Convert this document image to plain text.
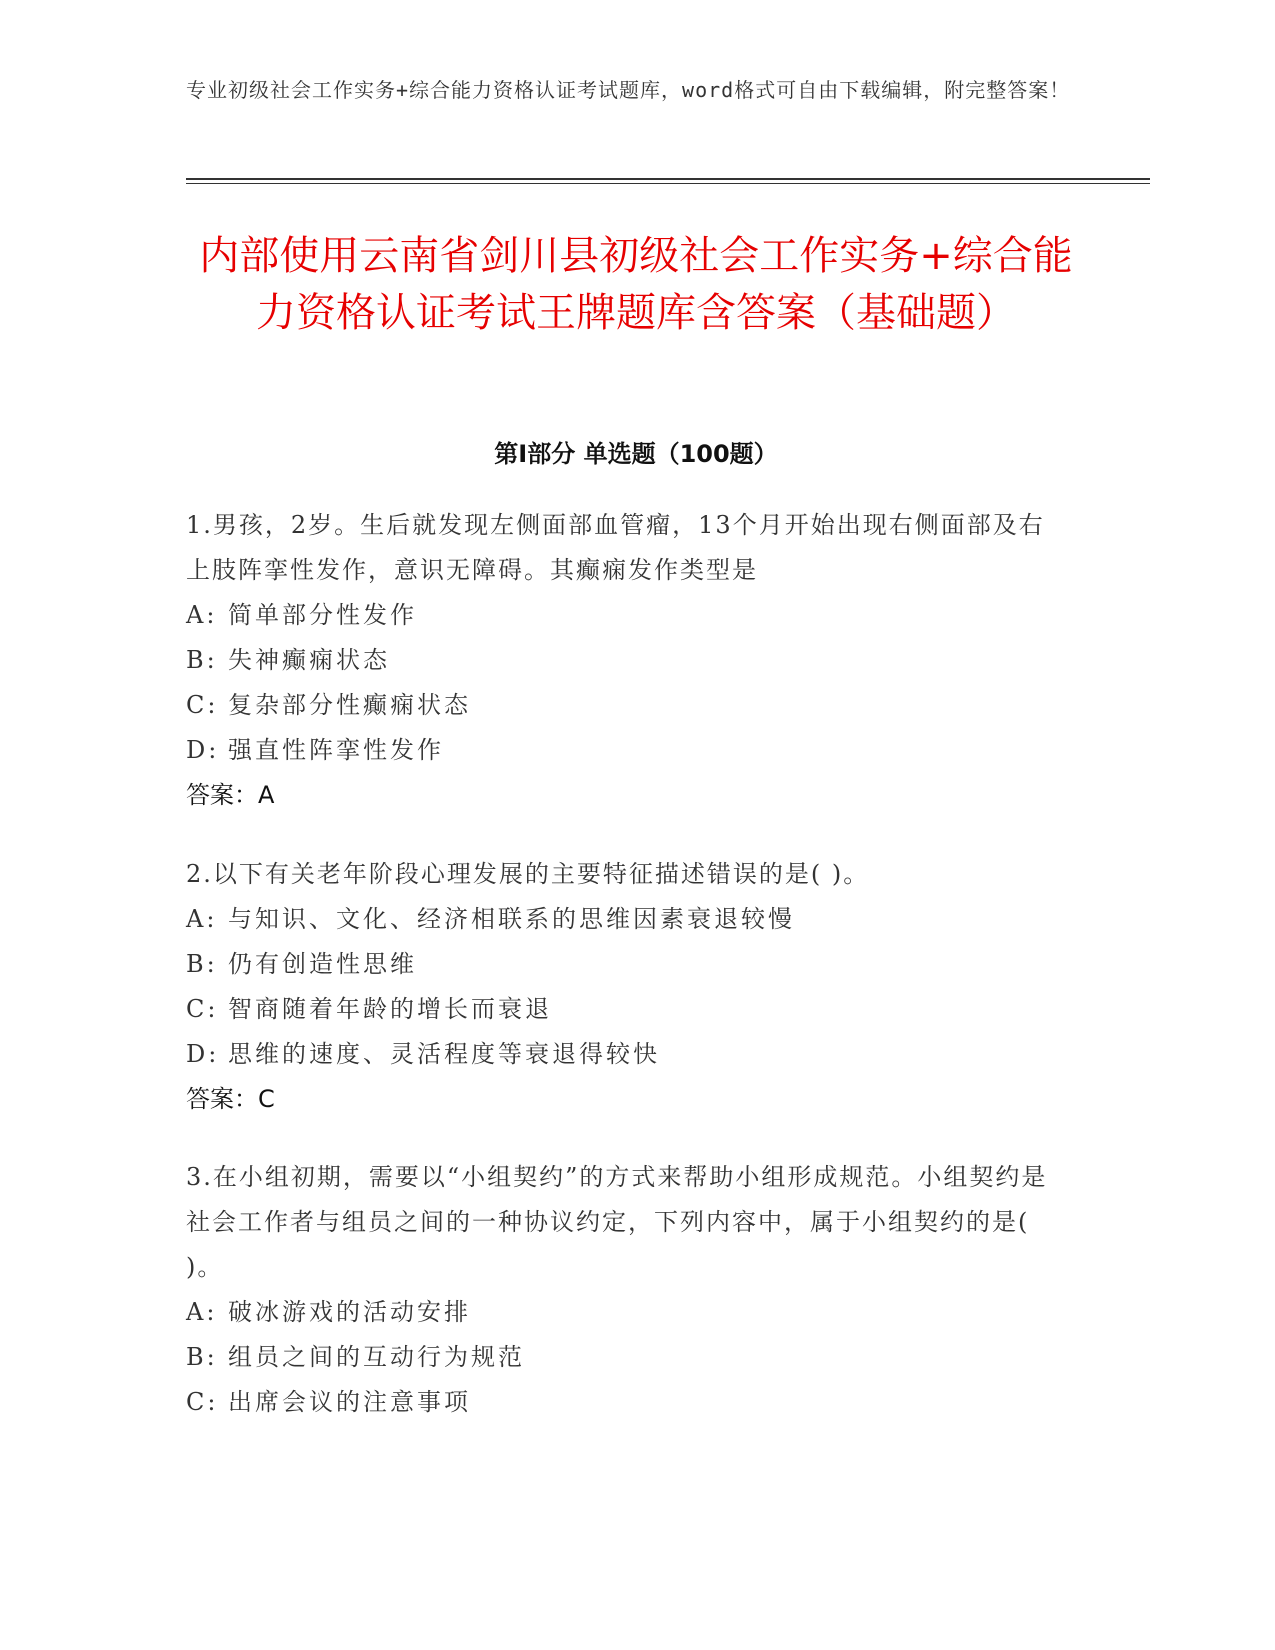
专业初级社会工作实务+综合能力资格认证考试题库，word格式可自由下载编辑，附完整答案！
内部使用云南省剑川县初级社会工作实务+综合能力资格认证考试王牌题库含答案（基础题）
第I部分 单选题（100题）
1.男孩，2岁。生后就发现左侧面部血管瘤，13个月开始出现右侧面部及右上肢阵挛性发作，意识无障碍。其癫痫发作类型是
A: 简单部分性发作
B: 失神癫痫状态
C: 复杂部分性癫痫状态
D: 强直性阵挛性发作
答案：A
2.以下有关老年阶段心理发展的主要特征描述错误的是( )。
A: 与知识、文化、经济相联系的思维因素衰退较慢
B: 仍有创造性思维
C: 智商随着年龄的增长而衰退
D: 思维的速度、灵活程度等衰退得较快
答案：C
3.在小组初期，需要以“小组契约”的方式来帮助小组形成规范。小组契约是社会工作者与组员之间的一种协议约定，下列内容中，属于小组契约的是( )。
A: 破冰游戏的活动安排
B: 组员之间的互动行为规范
C: 出席会议的注意事项
